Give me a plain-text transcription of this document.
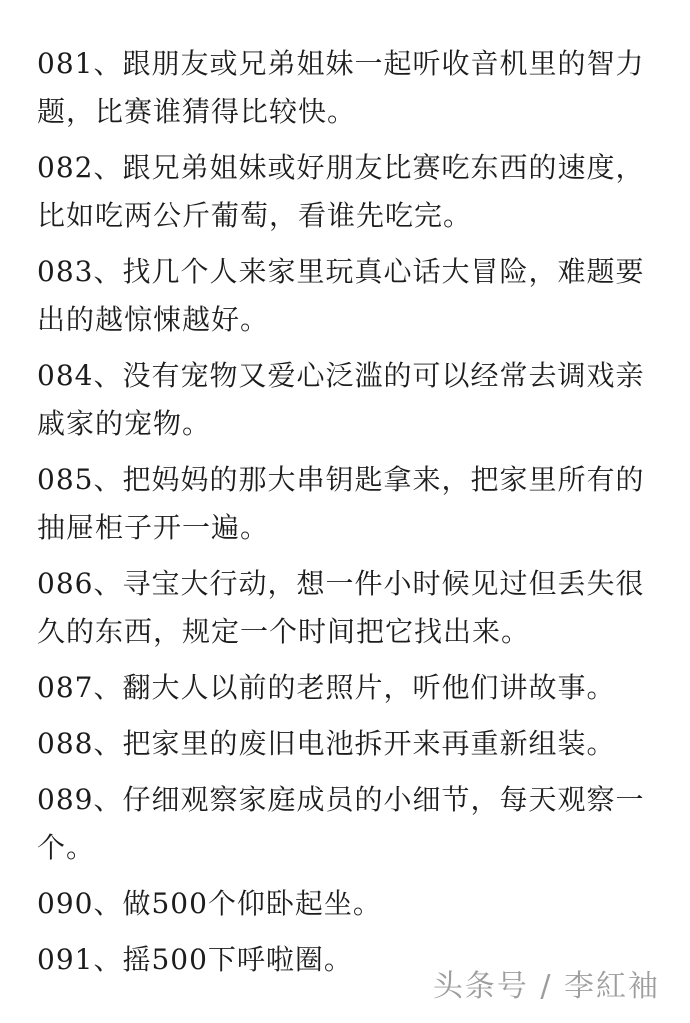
081、跟朋友或兄弟姐妹一起听收音机里的智力题，比赛谁猜得比较快。

082、跟兄弟姐妹或好朋友比赛吃东西的速度，比如吃两公斤葡萄，看谁先吃完。

083、找几个人来家里玩真心话大冒险，难题要出的越惊悚越好。

084、没有宠物又爱心泛滥的可以经常去调戏亲戚家的宠物。

085、把妈妈的那大串钥匙拿来，把家里所有的抽屉柜子开一遍。

086、寻宝大行动，想一件小时候见过但丢失很久的东西，规定一个时间把它找出来。

087、翻大人以前的老照片，听他们讲故事。

088、把家里的废旧电池拆开来再重新组装。

089、仔细观察家庭成员的小细节，每天观察一个。

090、做500个仰卧起坐。

091、摇500下呼啦圈。

头条号 / 李紅袖
